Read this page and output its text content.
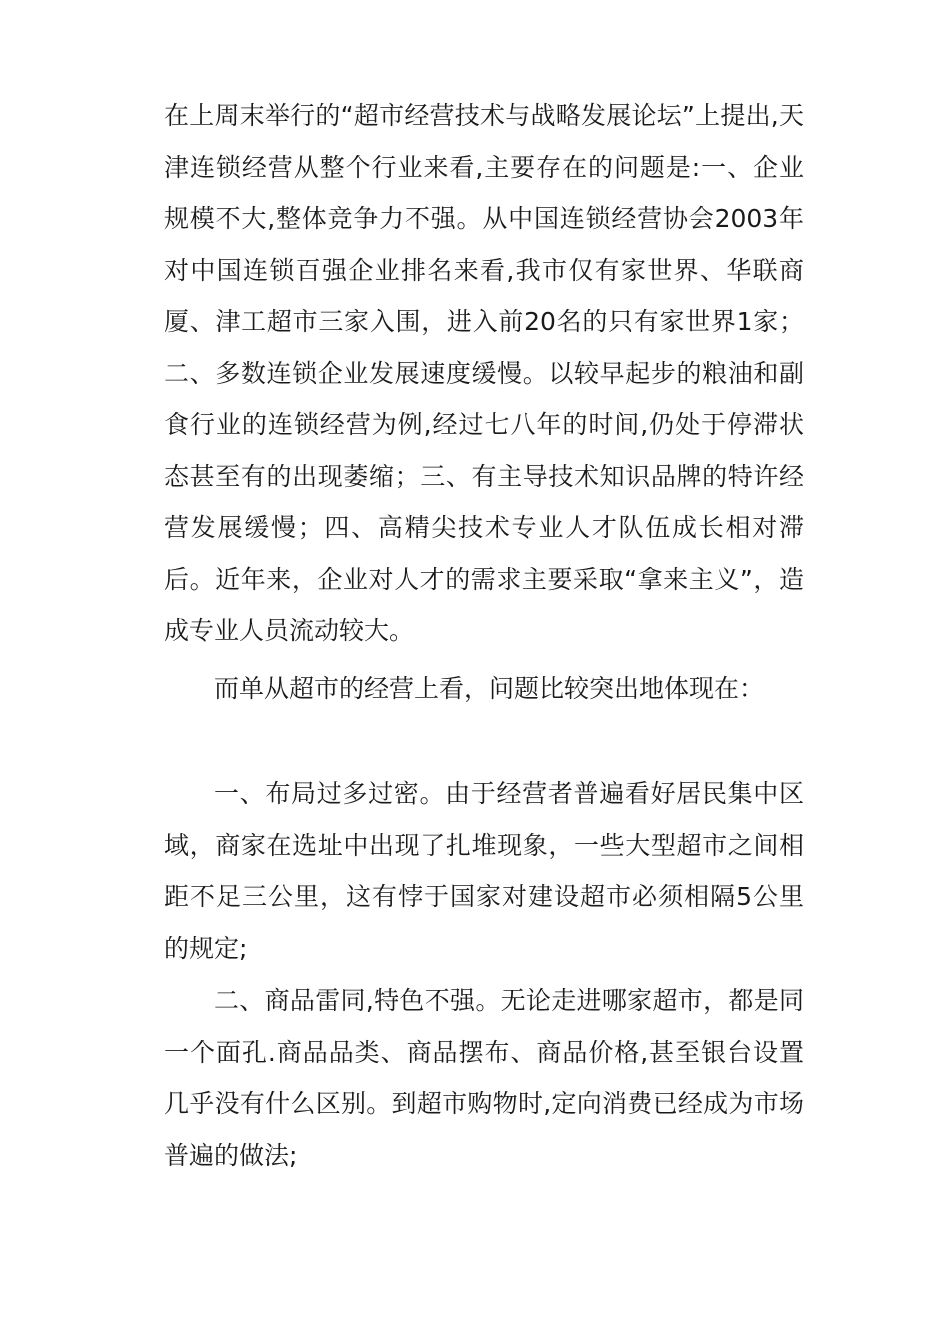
在上周末举行的“超市经营技术与战略发展论坛”上提出,天津连锁经营从整个行业来看,主要存在的问题是:一、企业规模不大,整体竞争力不强。从中国连锁经营协会2003年对中国连锁百强企业排名来看,我市仅有家世界、华联商厦、津工超市三家入围，进入前20名的只有家世界1家；二、多数连锁企业发展速度缓慢。以较早起步的粮油和副食行业的连锁经营为例,经过七八年的时间,仍处于停滞状态甚至有的出现萎缩；三、有主导技术知识品牌的特许经营发展缓慢；四、高精尖技术专业人才队伍成长相对滞后。近年来，企业对人才的需求主要采取“拿来主义”，造成专业人员流动较大。

而单从超市的经营上看，问题比较突出地体现在：

一、布局过多过密。由于经营者普遍看好居民集中区域，商家在选址中出现了扎堆现象，一些大型超市之间相距不足三公里，这有悖于国家对建设超市必须相隔5公里的规定;

二、商品雷同,特色不强。无论走进哪家超市，都是同一个面孔.商品品类、商品摆布、商品价格,甚至银台设置几乎没有什么区别。到超市购物时,定向消费已经成为市场普遍的做法;
